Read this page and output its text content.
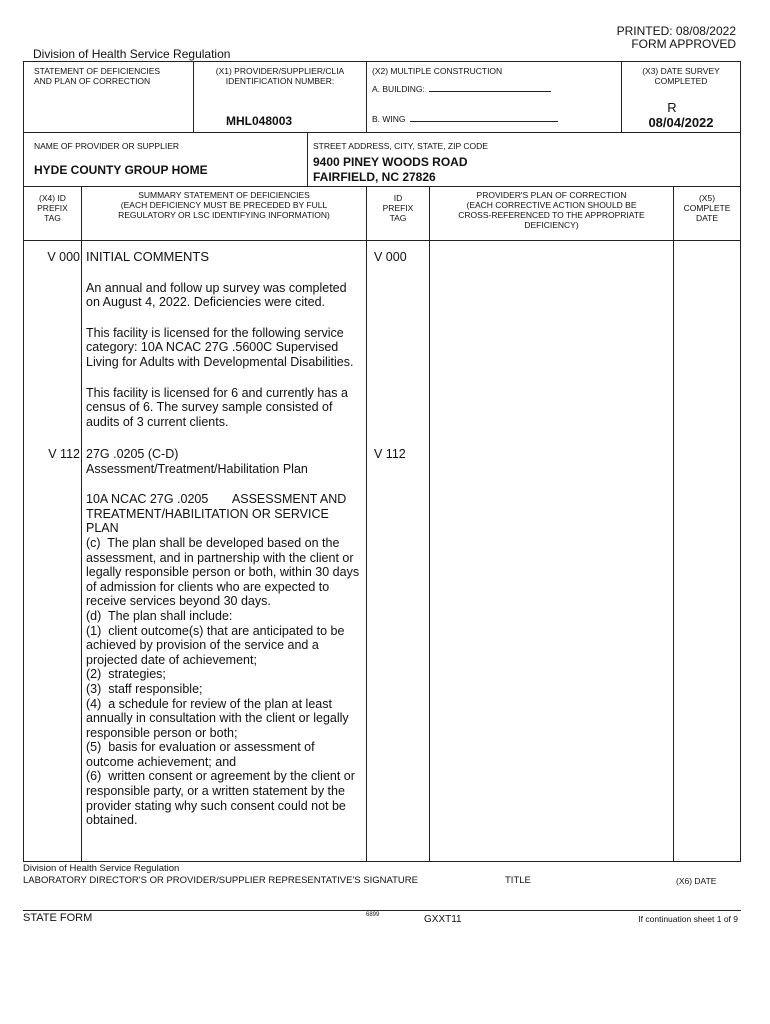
PRINTED: 08/08/2022
FORM APPROVED
Division of Health Service Regulation
STATEMENT OF DEFICIENCIES
AND PLAN OF CORRECTION
(X1) PROVIDER/SUPPLIER/CLIA
IDENTIFICATION NUMBER:
MHL048003
(X2) MULTIPLE CONSTRUCTION
A. BUILDING:
B. WING
(X3) DATE SURVEY
COMPLETED
R
08/04/2022
NAME OF PROVIDER OR SUPPLIER
HYDE COUNTY GROUP HOME
STREET ADDRESS, CITY, STATE, ZIP CODE
9400 PINEY WOODS ROAD
FAIRFIELD, NC 27826
(X4) ID
PREFIX
TAG
SUMMARY STATEMENT OF DEFICIENCIES
(EACH DEFICIENCY MUST BE PRECEDED BY FULL
REGULATORY OR LSC IDENTIFYING INFORMATION)
ID
PREFIX
TAG
PROVIDER'S PLAN OF CORRECTION
(EACH CORRECTIVE ACTION SHOULD BE
CROSS-REFERENCED TO THE APPROPRIATE
DEFICIENCY)
(X5)
COMPLETE
DATE
V 000	V 000

INITIAL COMMENTS

An annual and follow up survey was completed
on August 4, 2022. Deficiencies were cited.

This facility is licensed for the following service
category: 10A NCAC 27G .5600C Supervised
Living for Adults with Developmental Disabilities.

This facility is licensed for 6 and currently has a
census of 6. The survey sample consisted of
audits of 3 current clients.

V 112	V 112

27G .0205 (C-D)
Assessment/Treatment/Habilitation Plan

10A NCAC 27G .0205       ASSESSMENT AND
TREATMENT/HABILITATION OR SERVICE
PLAN
(c)  The plan shall be developed based on the
assessment, and in partnership with the client or
legally responsible person or both, within 30 days
of admission for clients who are expected to
receive services beyond 30 days.
(d)  The plan shall include:
(1)  client outcome(s) that are anticipated to be
achieved by provision of the service and a
projected date of achievement;
(2)  strategies;
(3)  staff responsible;
(4)  a schedule for review of the plan at least
annually in consultation with the client or legally
responsible person or both;
(5)  basis for evaluation or assessment of
outcome achievement; and
(6)  written consent or agreement by the client or
responsible party, or a written statement by the
provider stating why such consent could not be
obtained.

Division of Health Service Regulation
LABORATORY DIRECTOR'S OR PROVIDER/SUPPLIER REPRESENTATIVE'S SIGNATURE	TITLE	(X6) DATE
STATE FORM	6899	GXXT11	If continuation sheet 1 of 9
